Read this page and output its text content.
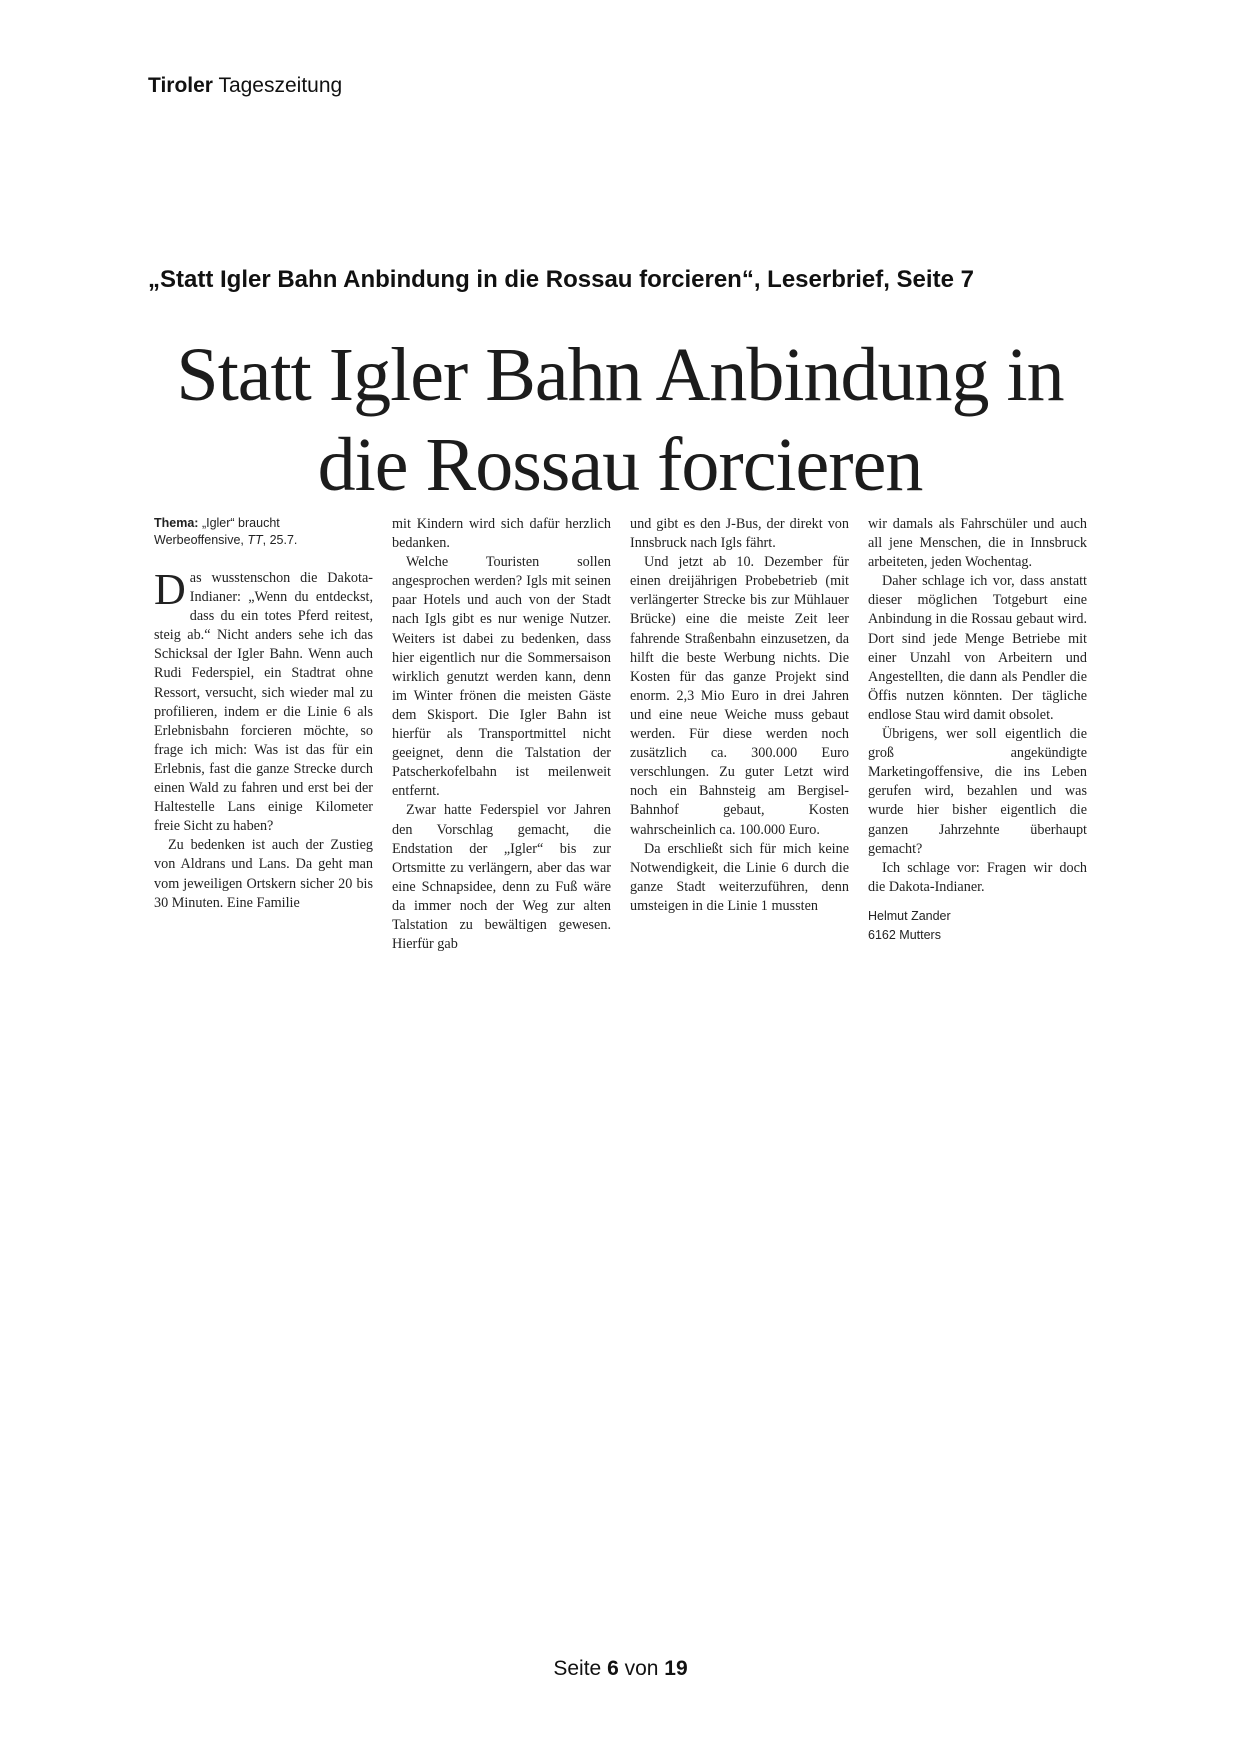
Tiroler Tageszeitung
„Statt Igler Bahn Anbindung in die Rossau forcieren“, Leserbrief, Seite 7
Statt Igler Bahn Anbindung in
die Rossau forcieren
Thema: „Igler“ braucht Werbeoffensive, TT, 25.7.

Das wusstenschon die Dakota-Indianer: „Wenn du entdeckst, dass du ein totes Pferd reitest, steig ab.“ Nicht anders sehe ich das Schicksal der Igler Bahn. Wenn auch Rudi Federspiel, ein Stadtrat ohne Ressort, versucht, sich wieder mal zu profilieren, indem er die Linie 6 als Erlebnisbahn forcieren möchte, so frage ich mich: Was ist das für ein Erlebnis, fast die ganze Strecke durch einen Wald zu fahren und erst bei der Haltestelle Lans einige Kilometer freie Sicht zu haben?

Zu bedenken ist auch der Zustieg von Aldrans und Lans. Da geht man vom jeweiligen Ortskern sicher 20 bis 30 Minuten. Eine Familie

mit Kindern wird sich dafür herzlich bedanken.

Welche Touristen sollen angesprochen werden? Igls mit seinen paar Hotels und auch von der Stadt nach Igls gibt es nur wenige Nutzer. Weiters ist dabei zu bedenken, dass hier eigentlich nur die Sommersaison wirklich genutzt werden kann, denn im Winter frönen die meisten Gäste dem Skisport. Die Igler Bahn ist hierfür als Transportmittel nicht geeignet, denn die Talstation der Patscherkofelbahn ist meilenweit entfernt.

Zwar hatte Federspiel vor Jahren den Vorschlag gemacht, die Endstation der „Igler“ bis zur Ortsmitte zu verlängern, aber das war eine Schnapsidee, denn zu Fuß wäre da immer noch der Weg zur alten Talstation zu bewältigen gewesen. Hierfür gab

und gibt es den J-Bus, der direkt von Innsbruck nach Igls fährt.

Und jetzt ab 10. Dezember für einen dreijährigen Probebetrieb (mit verlängerter Strecke bis zur Mühlauer Brücke) eine die meiste Zeit leer fahrende Straßenbahn einzusetzen, da hilft die beste Werbung nichts. Die Kosten für das ganze Projekt sind enorm. 2,3 Mio Euro in drei Jahren und eine neue Weiche muss gebaut werden. Für diese werden noch zusätzlich ca. 300.000 Euro verschlungen. Zu guter Letzt wird noch ein Bahnsteig am Bergisel-Bahnhof gebaut, Kosten wahrscheinlich ca. 100.000 Euro.

Da erschließt sich für mich keine Notwendigkeit, die Linie 6 durch die ganze Stadt weiterzuführen, denn umsteigen in die Linie 1 mussten

wir damals als Fahrschüler und auch all jene Menschen, die in Innsbruck arbeiteten, jeden Wochentag.

Daher schlage ich vor, dass anstatt dieser möglichen Totgeburt eine Anbindung in die Rossau gebaut wird. Dort sind jede Menge Betriebe mit einer Unzahl von Arbeitern und Angestellten, die dann als Pendler die Öffis nutzen könnten. Der tägliche endlose Stau wird damit obsolet.

Übrigens, wer soll eigentlich die groß angekündigte Marketingoffensive, die ins Leben gerufen wird, bezahlen und was wurde hier bisher eigentlich die ganzen Jahrzehnte überhaupt gemacht?

Ich schlage vor: Fragen wir doch die Dakota-Indianer.

Helmut Zander
6162 Mutters
Seite 6 von 19
